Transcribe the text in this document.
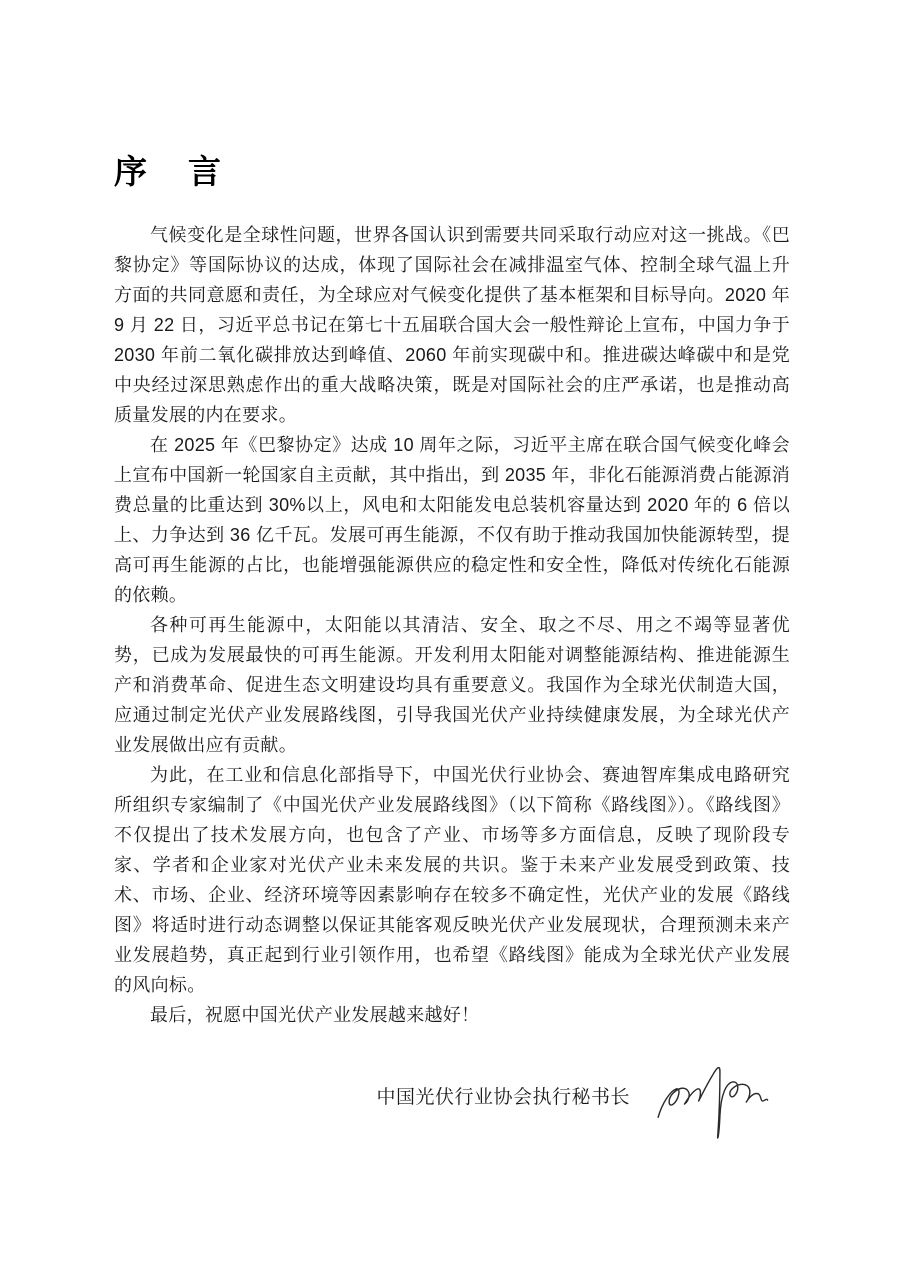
序　言

气候变化是全球性问题，世界各国认识到需要共同采取行动应对这一挑战。《巴黎协定》等国际协议的达成，体现了国际社会在减排温室气体、控制全球气温上升方面的共同意愿和责任，为全球应对气候变化提供了基本框架和目标导向。2020 年 9 月 22 日，习近平总书记在第七十五届联合国大会一般性辩论上宣布，中国力争于 2030 年前二氧化碳排放达到峰值、2060 年前实现碳中和。推进碳达峰碳中和是党中央经过深思熟虑作出的重大战略决策，既是对国际社会的庄严承诺，也是推动高质量发展的内在要求。

在 2025 年《巴黎协定》达成 10 周年之际，习近平主席在联合国气候变化峰会上宣布中国新一轮国家自主贡献，其中指出，到 2035 年，非化石能源消费占能源消费总量的比重达到 30%以上，风电和太阳能发电总装机容量达到 2020 年的 6 倍以上、力争达到 36 亿千瓦。发展可再生能源，不仅有助于推动我国加快能源转型，提高可再生能源的占比，也能增强能源供应的稳定性和安全性，降低对传统化石能源的依赖。

各种可再生能源中，太阳能以其清洁、安全、取之不尽、用之不竭等显著优势，已成为发展最快的可再生能源。开发利用太阳能对调整能源结构、推进能源生产和消费革命、促进生态文明建设均具有重要意义。我国作为全球光伏制造大国，应通过制定光伏产业发展路线图，引导我国光伏产业持续健康发展，为全球光伏产业发展做出应有贡献。

为此，在工业和信息化部指导下，中国光伏行业协会、赛迪智库集成电路研究所组织专家编制了《中国光伏产业发展路线图》（以下简称《路线图》）。《路线图》不仅提出了技术发展方向，也包含了产业、市场等多方面信息，反映了现阶段专家、学者和企业家对光伏产业未来发展的共识。鉴于未来产业发展受到政策、技术、市场、企业、经济环境等因素影响存在较多不确定性，光伏产业的发展《路线图》将适时进行动态调整以保证其能客观反映光伏产业发展现状，合理预测未来产业发展趋势，真正起到行业引领作用，也希望《路线图》能成为全球光伏产业发展的风向标。

最后，祝愿中国光伏产业发展越来越好！

中国光伏行业协会执行秘书长
